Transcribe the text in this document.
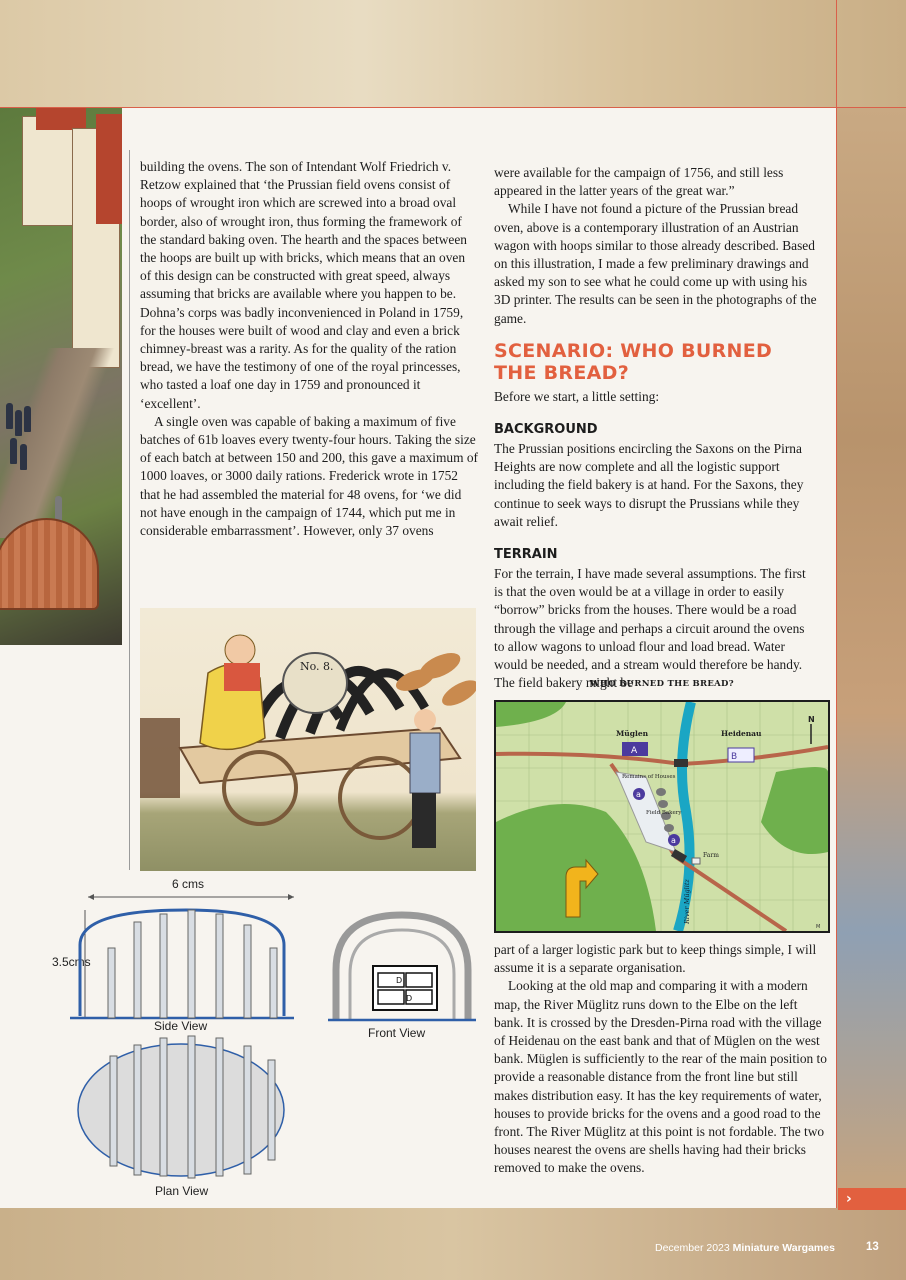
building the ovens. The son of Intendant Wolf Friedrich v. Retzow explained that ‘the Prussian field ovens consist of hoops of wrought iron which are screwed into a broad oval border, also of wrought iron, thus forming the framework of the standard baking oven. The hearth and the spaces between the hoops are built up with bricks, which means that an oven of this design can be constructed with great speed, always assuming that bricks are available where you happen to be. Dohna’s corps was badly inconvenienced in Poland in 1759, for the houses were built of wood and clay and even a brick chimney-breast was a rarity. As for the quality of the ration bread, we have the testimony of one of the royal princesses, who tasted a loaf one day in 1759 and pronounced it ‘excellent’.

A single oven was capable of baking a maximum of five batches of 61b loaves every twenty-four hours. Taking the size of each batch at between 150 and 200, this gave a maximum of 1000 loaves, or 3000 daily rations. Frederick wrote in 1752 that he had assembled the material for 48 ovens, for ‘we did not have enough in the campaign of 1744, which put me in considerable embarrassment’. However, only 37 ovens

were available for the campaign of 1756, and still less appeared in the latter years of the great war.”

While I have not found a picture of the Prussian bread oven, above is a contemporary illustration of an Austrian wagon with hoops similar to those already described. Based on this illustration, I made a few preliminary drawings and asked my son to see what he could come up with using his 3D printer. The results can be seen in the photographs of the game.

SCENARIO: WHO BURNED THE BREAD?

Before we start, a little setting:

BACKGROUND

The Prussian positions encircling the Saxons on the Pirna Heights are now complete and all the logistic support including the field bakery is at hand. For the Saxons, they continue to seek ways to disrupt the Prussians while they await relief.

TERRAIN

For the terrain, I have made several assumptions. The first is that the oven would be at a village in order to easily “borrow” bricks from the houses. There would be a road through the village and perhaps a circuit around the ovens to allow wagons to unload flour and load bread. Water would be needed, and a stream would therefore be handy. The field bakery might be

No. 8.
WHO BURNED THE BREAD?
A
B
a
a
Müglen	Heidenau
Remains of Houses
Field Bakery
Farm
River Müglitz
N
M

part of a larger logistic park but to keep things simple, I will assume it is a separate organisation.

Looking at the old map and comparing it with a modern map, the River Müglitz runs down to the Elbe on the left bank. It is crossed by the Dresden-Pirna road with the village of Heidenau on the east bank and that of Müglen on the west bank. Müglen is sufficiently to the rear of the main position to provide a reasonable distance from the front line but still makes distribution easy. It has the key requirements of water, houses to provide bricks for the ovens and a good road to the front. The River Müglitz at this point is not fordable. The two houses nearest the ovens are shells having had their bricks removed to make the ovens.

6 cms
3.5cms
Side View
D
D
Front View
Plan View	›
December 2023 Miniature Wargames	13
